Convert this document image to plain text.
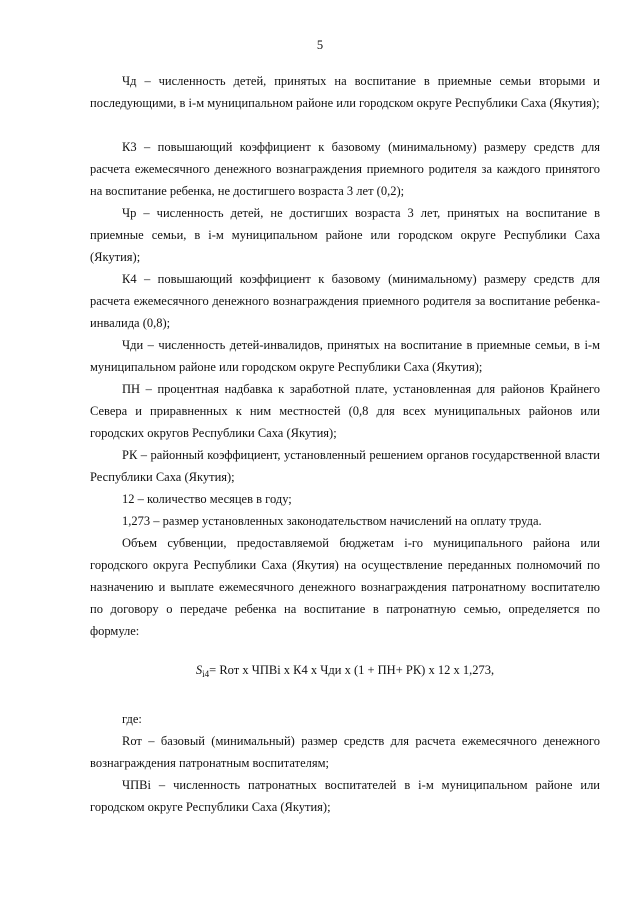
5

Чд – численность детей, принятых на воспитание в приемные семьи вторыми и последующими, в i-м муниципальном районе или городском округе Республики Саха (Якутия);

К3 – повышающий коэффициент к базовому (минимальному) размеру средств для расчета ежемесячного денежного вознаграждения приемного родителя за каждого принятого на воспитание ребенка, не достигшего возраста 3 лет (0,2);

Чр – численность детей, не достигших возраста 3 лет, принятых на воспитание в приемные семьи, в i-м муниципальном районе или городском округе Республики Саха (Якутия);

К4 – повышающий коэффициент к базовому (минимальному) размеру средств для расчета ежемесячного денежного вознаграждения приемного родителя за воспитание ребенка-инвалида (0,8);

Чди – численность детей-инвалидов, принятых на воспитание в приемные семьи, в i-м муниципальном районе или городском округе Республики Саха (Якутия);

ПН – процентная надбавка к заработной плате, установленная для районов Крайнего Севера и приравненных к ним местностей (0,8 для всех муниципальных районов или городских округов Республики Саха (Якутия);

РК – районный коэффициент, установленный решением органов государственной власти Республики Саха (Якутия);

12 – количество месяцев в году;

1,273 – размер установленных законодательством начислений на оплату труда.

Объем субвенции, предоставляемой бюджетам i-го муниципального района или городского округа Республики Саха (Якутия) на осуществление переданных полномочий по назначению и выплате ежемесячного денежного вознаграждения патронатному воспитателю по договору о передаче ребенка на воспитание в патронатную семью, определяется по формуле:

$S_{i4}=$ Rот x ЧПВi x К4 x Чди x (1 + ПН+ РК) x 12 x 1,273,

где:

Rот – базовый (минимальный) размер средств для расчета ежемесячного денежного вознаграждения патронатным воспитателям;

ЧПВi – численность патронатных воспитателей в i-м муниципальном районе или городском округе Республики Саха (Якутия);
